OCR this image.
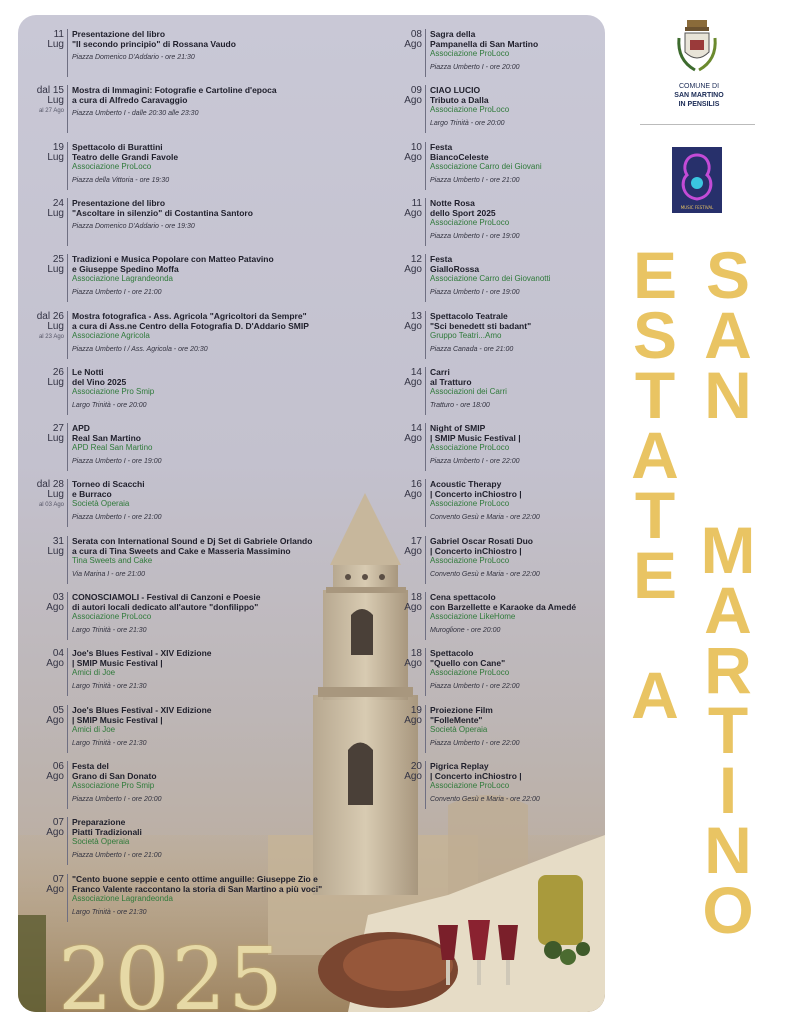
11
Lug
Presentazione del libro
"Il secondo principio" di Rossana Vaudo
Piazza Domenico D'Addario - ore 21:30
dal 15
Lug
al 27 Ago
Mostra di Immagini: Fotografie e Cartoline d'epoca
a cura di Alfredo Caravaggio
Piazza Umberto I - dalle 20:30 alle 23:30
19
Lug
Spettacolo di Burattini
Teatro delle Grandi Favole
Associazione ProLoco
Piazza della Vittoria - ore 19:30
24
Lug
Presentazione del libro
"Ascoltare in silenzio" di Costantina Santoro
Piazza Domenico D'Addario - ore 19:30
25
Lug
Tradizioni e Musica Popolare con Matteo Patavino
e Giuseppe Spedino Moffa
Associazione Lagrandeonda
Piazza Umberto I - ore 21:00
dal 26
Lug
al 23 Ago
Mostra fotografica - Ass. Agricola "Agricoltori da Sempre"
a cura di Ass.ne Centro della Fotografia D. D'Addario SMIP
Associazione Agricola
Piazza Umberto I / Ass. Agricola - ore 20:30
26
Lug
Le Notti
del Vino 2025
Associazione Pro Smip
Largo Trinità - ore 20:00
27
Lug
APD
Real San Martino
APD Real San Martino
Piazza Umberto I - ore 19:00
dal 28
Lug
al 03 Ago
Torneo di Scacchi
e Burraco
Società Operaia
Piazza Umberto I - ore 21:00
31
Lug
Serata con International Sound e Dj Set di Gabriele Orlando
a cura di Tina Sweets and Cake e Masseria Massimino
Tina Sweets and Cake
Via Marina I - ore 21:00
03
Ago
CONOSCIAMOLI - Festival di Canzoni e Poesie
di autori locali dedicato all'autore "donfilippo"
Associazione ProLoco
Largo Trinità - ore 21:30
04
Ago
Joe's Blues Festival - XIV Edizione
| SMIP Music Festival |
Amici di Joe
Largo Trinità - ore 21:30
05
Ago
Joe's Blues Festival - XIV Edizione
| SMIP Music Festival |
Amici di Joe
Largo Trinità - ore 21:30
06
Ago
Festa del
Grano di San Donato
Associazione Pro Smip
Piazza Umberto I - ore 20:00
07
Ago
Preparazione
Piatti Tradizionali
Società Operaia
Piazza Umberto I - ore 21:00
07
Ago
"Cento buone seppie e cento ottime anguille: Giuseppe Zio e
Franco Valente raccontano la storia di San Martino a più voci"
Associazione Lagrandeonda
Largo Trinità - ore 21:30
08
Ago
Sagra della
Pampanella di San Martino
Associazione ProLoco
Piazza Umberto I - ore 20:00
09
Ago
CIAO LUCIO
Tributo a Dalla
Associazione ProLoco
Largo Trinità - ore 20:00
10
Ago
Festa
BiancoCeleste
Associazione Carro dei Giovani
Piazza Umberto I - ore 21:00
11
Ago
Notte Rosa
dello Sport 2025
Associazione ProLoco
Piazza Umberto I - ore 19:00
12
Ago
Festa
GialloRossa
Associazione Carro dei Giovanotti
Piazza Umberto I - ore 19:00
13
Ago
Spettacolo Teatrale
"Sci benedett sti badant"
Gruppo Teatri...Amo
Piazza Canada - ore 21:00
14
Ago
Carri
al Tratturo
Associazioni dei Carri
Tratturo - ore 18:00
14
Ago
Night of SMIP
| SMIP Music Festival |
Associazione ProLoco
Piazza Umberto I - ore 22:00
16
Ago
Acoustic Therapy
| Concerto inChiostro |
Associazione ProLoco
Convento Gesù e Maria - ore 22:00
17
Ago
Gabriel Oscar Rosati Duo
| Concerto inChiostro |
Associazione ProLoco
Convento Gesù e Maria - ore 22:00
18
Ago
Cena spettacolo
con Barzellette e Karaoke da Amedé
Associazione LikeHome
Muroglione - ore 20:00
18
Ago
Spettacolo
"Quello con Cane"
Associazione ProLoco
Piazza Umberto I - ore 22:00
19
Ago
Proiezione Film
"FolleMente"
Società Operaia
Piazza Umberto I - ore 22:00
20
Ago
Pigrica Replay
| Concerto inChiostro |
Associazione ProLoco
Convento Gesù e Maria - ore 22:00
2025
COMUNE DI
SAN MARTINO
IN PENSILIS
MUSIC FESTIVAL
E
S
T
A
T
E
A
S
A
N
M
A
R
T
I
N
O
